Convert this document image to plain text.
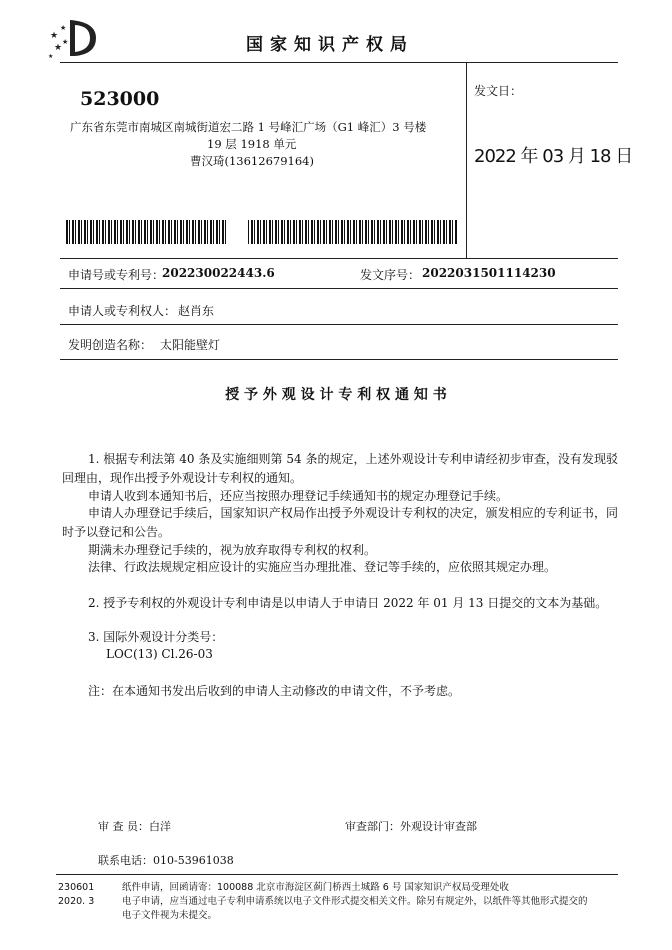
★
★
★
★
★
国家知识产权局
523000
广东省东莞市南城区南城街道宏二路 1 号峰汇广场（G1 峰汇）3 号楼
19 层 1918 单元
曹汉琦(13612679164)
发文日：
2022 年 03 月 18 日
申请号或专利号：
202230022443.6	发文序号： 2022031501114230
申请人或专利权人： 赵肖东
发明创造名称： 太阳能壁灯
授 予 外 观 设 计 专 利 权 通 知 书
1. 根据专利法第 40 条及实施细则第 54 条的规定，上述外观设计专利申请经初步审查，没有发现驳回理由，现作出授予外观设计专利权的通知。
申请人收到本通知书后，还应当按照办理登记手续通知书的规定办理登记手续。
申请人办理登记手续后，国家知识产权局作出授予外观设计专利权的决定，颁发相应的专利证书，同时予以登记和公告。
期满未办理登记手续的，视为放弃取得专利权的权利。
法律、行政法规规定相应设计的实施应当办理批准、登记等手续的，应依照其规定办理。
2. 授予专利权的外观设计专利申请是以申请人于申请日 2022 年 01 月 13 日提交的文本为基础。
3. 国际外观设计分类号：
LOC(13) Cl.26-03
注：在本通知书发出后收到的申请人主动修改的申请文件，不予考虑。
审 查 员：白洋	审查部门：外观设计审查部
联系电话：010-53961038
230601
2020. 3
纸件申请，回函请寄：100088 北京市海淀区蓟门桥西土城路 6 号 国家知识产权局受理处收
电子申请，应当通过电子专利申请系统以电子文件形式提交相关文件。除另有规定外，以纸件等其他形式提交的
电子文件视为未提交。
